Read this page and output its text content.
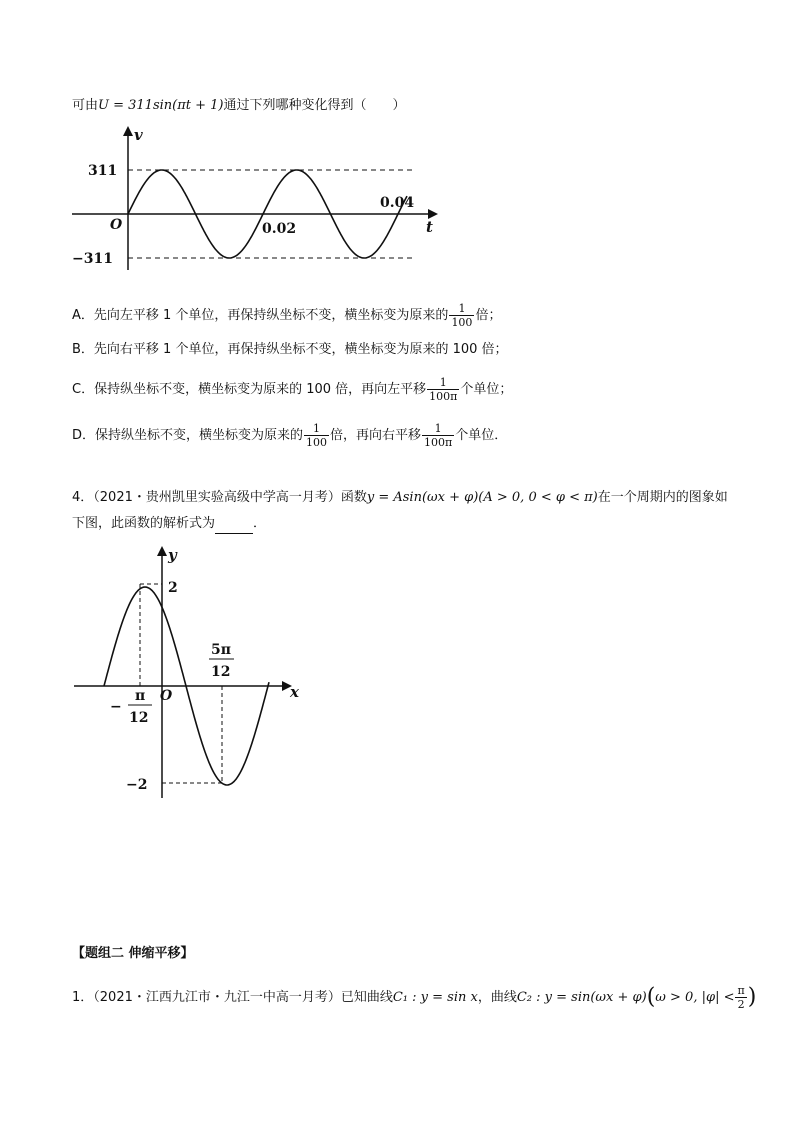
可由U = 311sin(πt + 1)通过下列哪种变化得到（　　）
v
t
O
311
−311
0.02
0.04
A．先向左平移 1 个单位，再保持纵坐标不变，横坐标变为原来的 $\frac{1}{100}$ 倍；
B．先向右平移 1 个单位，再保持纵坐标不变，横坐标变为原来的 100 倍；
C．保持纵坐标不变，横坐标变为原来的 100 倍，再向左平移 $\frac{1}{100\pi}$ 个单位；
D．保持纵坐标不变，横坐标变为原来的 $\frac{1}{100}$ 倍，再向右平移 $\frac{1}{100\pi}$ 个单位．
4．（2021・贵州凯里实验高级中学高一月考）函数y = Asin(ωx + φ)(A > 0, 0 < φ < π)在一个周期内的图象如
下图，此函数的解析式为	．
y
x
O
2
−2
5π
12
−
π
12
【题组二 伸缩平移】
1．（2021・江西九江市・九江一中高一月考）已知曲线C₁ : y = sin x，曲线C₂ : y = sin(ωx + φ)(ω > 0, $|\varphi| < \frac{\pi}{2}$ )
